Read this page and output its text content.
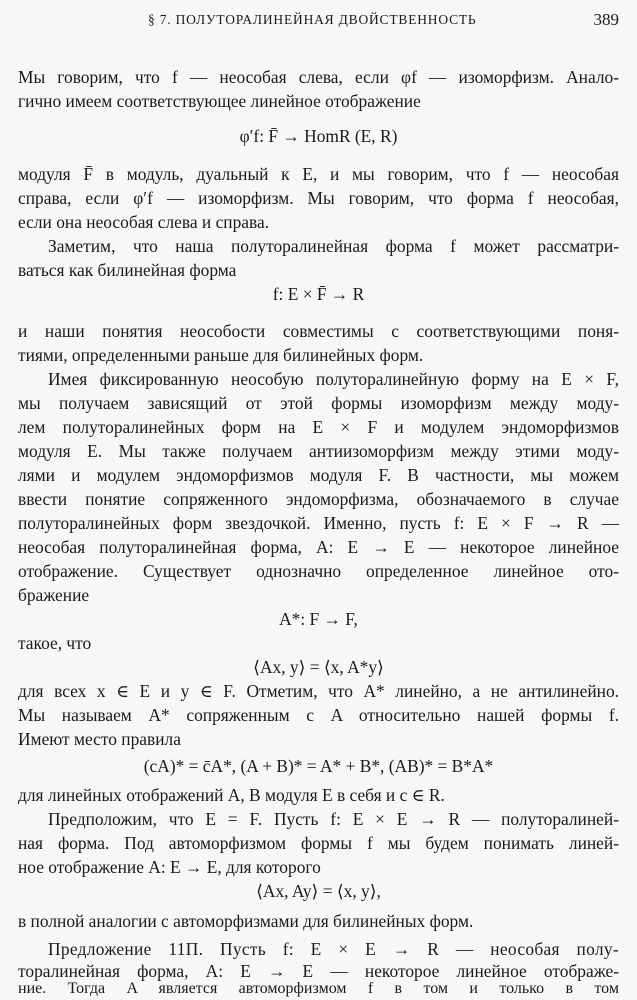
§ 7. ПОЛУТОРАЛИНЕЙНАЯ ДВОЙСТВЕННОСТЬ	389
Мы говорим, что f — неособая слева, если φf — изоморфизм. Анало-
гично имеем соответствующее линейное отображение
φ′f: F̄ → HomR (E, R)
модуля F̄ в модуль, дуальный к E, и мы говорим, что f — неособая
справа, если φ′f — изоморфизм. Мы говорим, что форма f неособая,
если она неособая слева и справа.
Заметим, что наша полуторалинейная форма f может рассматри-
ваться как билинейная форма
f: E × F̄ → R
и наши понятия неособости совместимы с соответствующими поня-
тиями, определенными раньше для билинейных форм.
Имея фиксированную неособую полуторалинейную форму на E × F,
мы получаем зависящий от этой формы изоморфизм между моду-
лем полуторалинейных форм на E × F и модулем эндоморфизмов
модуля E. Мы также получаем антиизоморфизм между этими моду-
лями и модулем эндоморфизмов модуля F. В частности, мы можем
ввести понятие сопряженного эндоморфизма, обозначаемого в случае
полуторалинейных форм звездочкой. Именно, пусть f: E × F → R —
неособая полуторалинейная форма, A: E → E — некоторое линейное
отображение. Существует однозначно определенное линейное ото-
бражение
A*: F → F,
такое, что
⟨Ax, y⟩ = ⟨x, A*y⟩
для всех x ∈ E и y ∈ F. Отметим, что A* линейно, а не антилинейно.
Мы называем A* сопряженным с A относительно нашей формы f.
Имеют место правила
(cA)* = c̄A*, (A + B)* = A* + B*, (AB)* = B*A*
для линейных отображений A, B модуля E в себя и c ∈ R.
Предположим, что E = F. Пусть f: E × E → R — полуторалиней-
ная форма. Под автоморфизмом формы f мы будем понимать линей-
ное отображение A: E → E, для которого
⟨Ax, Ay⟩ = ⟨x, y⟩,
в полной аналогии с автоморфизмами для билинейных форм.
Предложение 11П. Пусть f: E × E → R — неособая полу-
торалинейная форма, A: E → E — некоторое линейное отображе-
ние. Тогда A является автоморфизмом f в том и только в том
